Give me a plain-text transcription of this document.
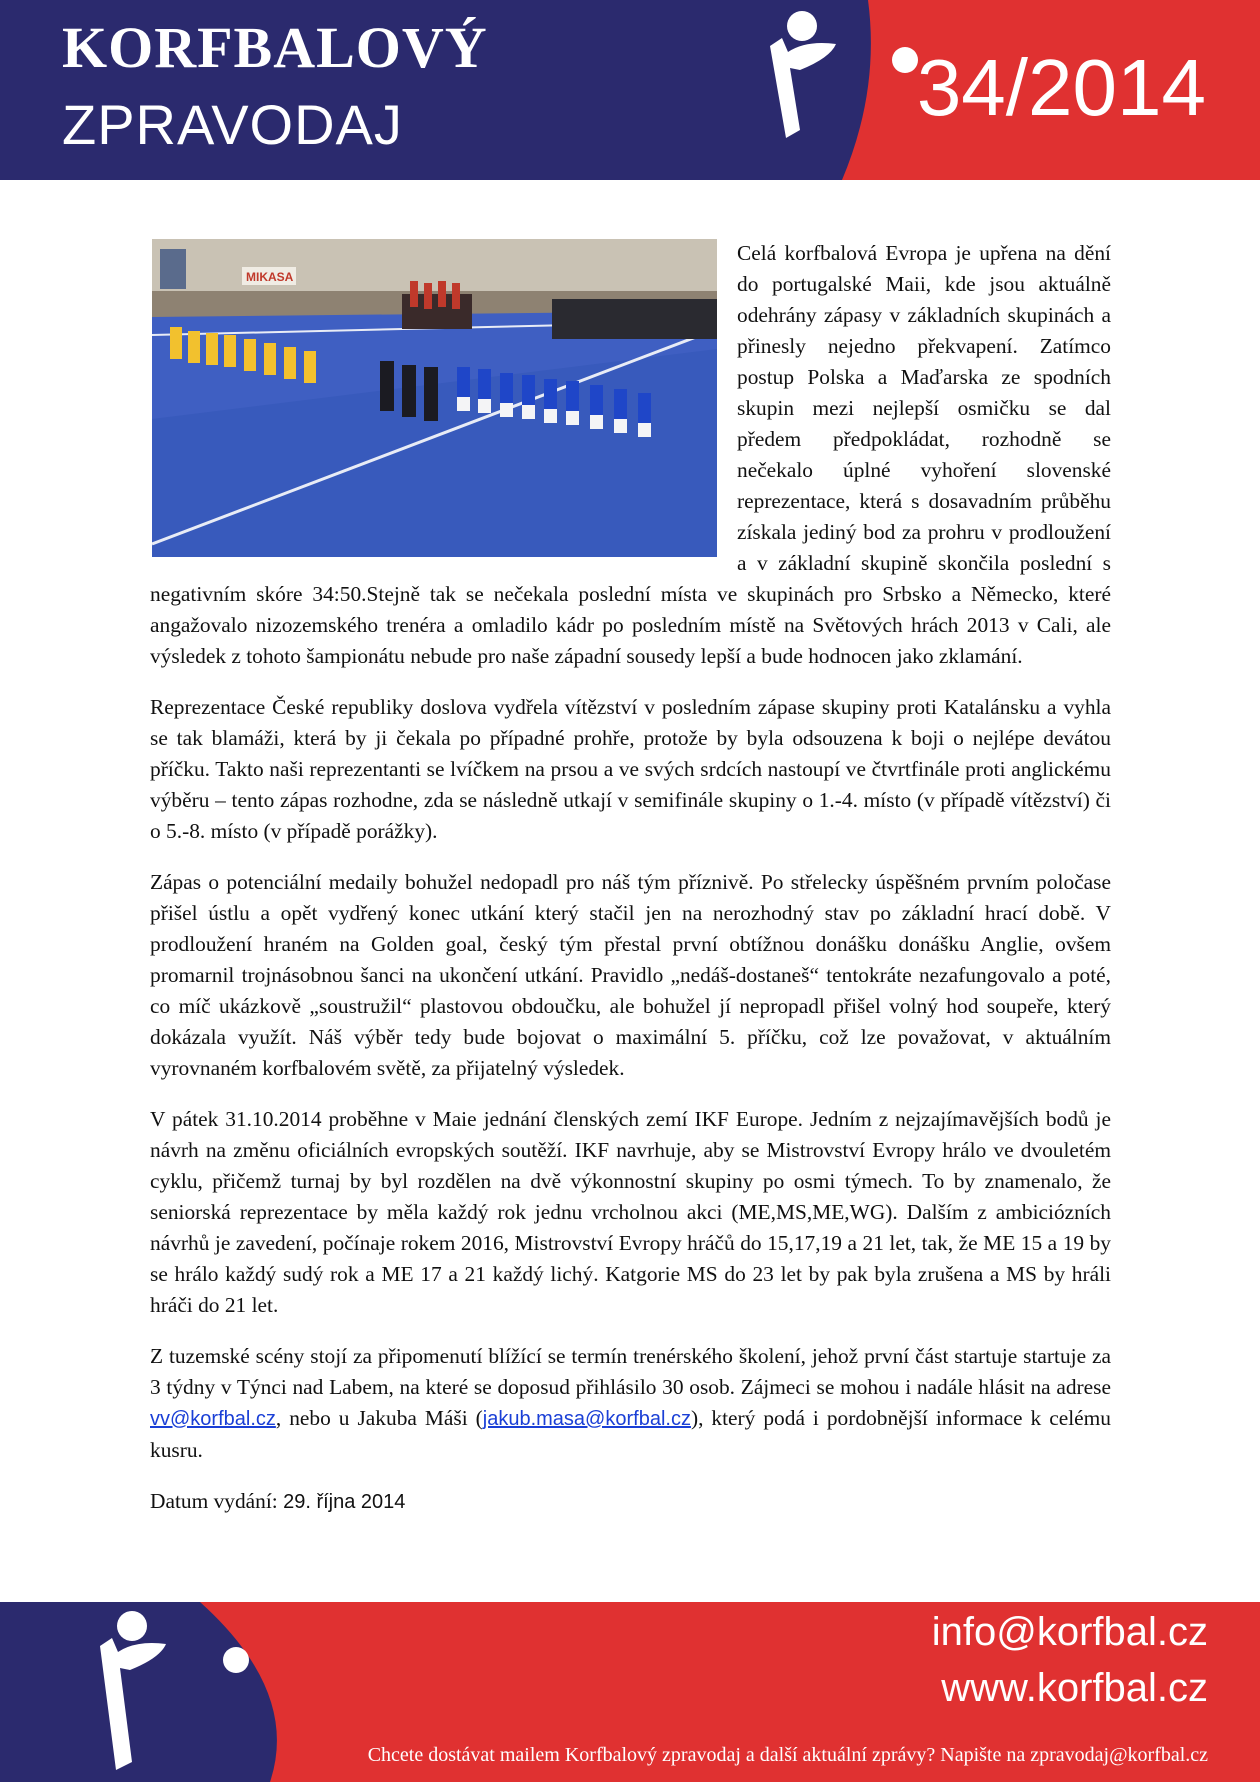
KORFBALOVÝ
ZPRAVODAJ	34/2014
MIKASA

Celá korfbalová Evropa je upřena na dění do portugalské Maii, kde jsou aktuálně odehrány zápasy v základních skupinách a přinesly nejedno překvapení. Zatímco postup Polska a Maďarska ze spodních skupin mezi nejlepší osmičku se dal předem předpokládat, rozhodně se nečekalo úplné vyhoření slovenské reprezentace, která s dosavadním průběhu získala jediný bod za prohru v prodloužení a v základní skupině skončila poslední s negativním skóre 34:50.Stejně tak se nečekala poslední místa ve skupinách pro Srbsko a Německo, které angažovalo nizozemského trenéra a omladilo kádr po posledním místě na Světových hrách 2013 v Cali, ale výsledek z tohoto šampionátu nebude pro naše západní sousedy lepší a bude hodnocen jako zklamání.

Reprezentace České republiky doslova vydřela vítězství v posledním zápase skupiny proti Katalánsku a vyhla se tak blamáži, která by ji čekala po případné prohře, protože by byla odsouzena k boji o nejlépe devátou příčku. Takto naši reprezentanti se lvíčkem na prsou a ve svých srdcích nastoupí ve čtvrtfinále proti anglickému výběru – tento zápas rozhodne, zda se následně utkají v semifinále skupiny o 1.-4. místo (v případě vítězství) či o 5.-8. místo (v případě porážky).

Zápas o potenciální medaily bohužel nedopadl pro náš tým příznivě. Po střelecky úspěšném prvním poločase přišel ústlu a opět vydřený konec utkání který stačil jen na nerozhodný stav po základní hrací době. V prodloužení hraném na Golden goal, český tým přestal první obtížnou donášku donášku Anglie, ovšem promarnil trojnásobnou šanci na ukončení utkání. Pravidlo „nedáš-dostaneš“ tentokráte nezafungovalo a poté, co míč ukázkově „soustružil“ plastovou obdoučku, ale bohužel jí nepropadl přišel volný hod soupeře, který dokázala využít. Náš výběr tedy bude bojovat o maximální 5. příčku, což lze považovat, v aktuálním vyrovnaném korfbalovém světě, za přijatelný výsledek.

V pátek 31.10.2014 proběhne v Maie jednání členských zemí IKF Europe. Jedním z nejzajímavějších bodů je návrh na změnu oficiálních evropských soutěží. IKF navrhuje, aby se Mistrovství Evropy hrálo ve dvouletém cyklu, přičemž turnaj by byl rozdělen na dvě výkonnostní skupiny po osmi týmech. To by znamenalo, že seniorská reprezentace by měla každý rok jednu vrcholnou akci (ME,MS,ME,WG). Dalším z ambiciózních návrhů je zavedení, počínaje rokem 2016, Mistrovství Evropy hráčů do 15,17,19 a 21 let, tak, že ME 15 a 19 by se hrálo každý sudý rok a ME 17 a 21 každý lichý. Katgorie MS do 23 let by pak byla zrušena a MS by hráli hráči do 21 let.

Z tuzemské scény stojí za připomenutí blížící se termín trenérského školení, jehož první část startuje startuje za 3 týdny v Týnci nad Labem, na které se doposud přihlásilo 30 osob. Zájmeci se mohou i nadále hlásit na adrese vv@korfbal.cz, nebo u Jakuba Máši (jakub.masa@korfbal.cz), který podá i pordobnější informace k celému kusru.

Datum vydání: 29. října 2014

info@korfbal.cz
www.korfbal.cz
Chcete dostávat mailem Korfbalový zpravodaj a další aktuální zprávy? Napište na zpravodaj@korfbal.cz
